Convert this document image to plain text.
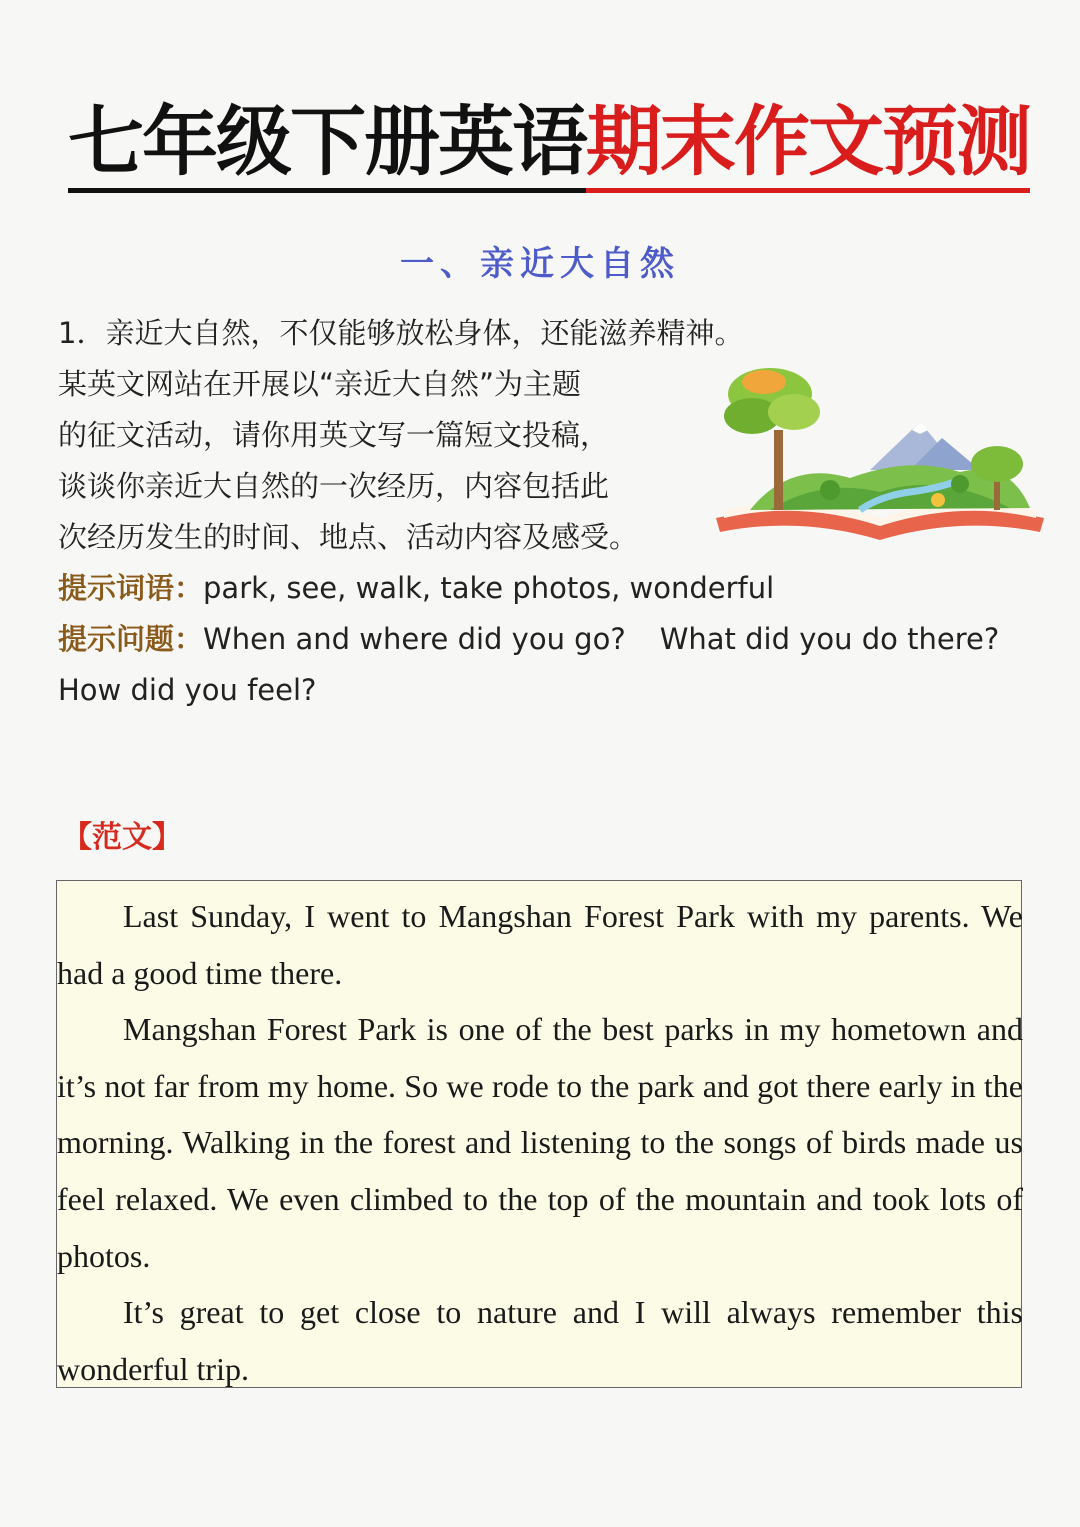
七年级下册英语期末作文预测
一、亲近大自然
1．亲近大自然，不仅能够放松身体，还能滋养精神。
某英文网站在开展以“亲近大自然”为主题
的征文活动，请你用英文写一篇短文投稿，
谈谈你亲近大自然的一次经历，内容包括此
次经历发生的时间、地点、活动内容及感受。
提示词语：park, see, walk, take photos, wonderful
提示问题：When and where did you go? What did you do there?
How did you feel?
【范文】

Last Sunday, I went to Mangshan Forest Park with my parents. We had a good time there.

Mangshan Forest Park is one of the best parks in my hometown and it’s not far from my home. So we rode to the park and got there early in the morning. Walking in the forest and listening to the songs of birds made us feel relaxed. We even climbed to the top of the mountain and took lots of photos.

It’s great to get close to nature and I will always remember this wonderful trip.
